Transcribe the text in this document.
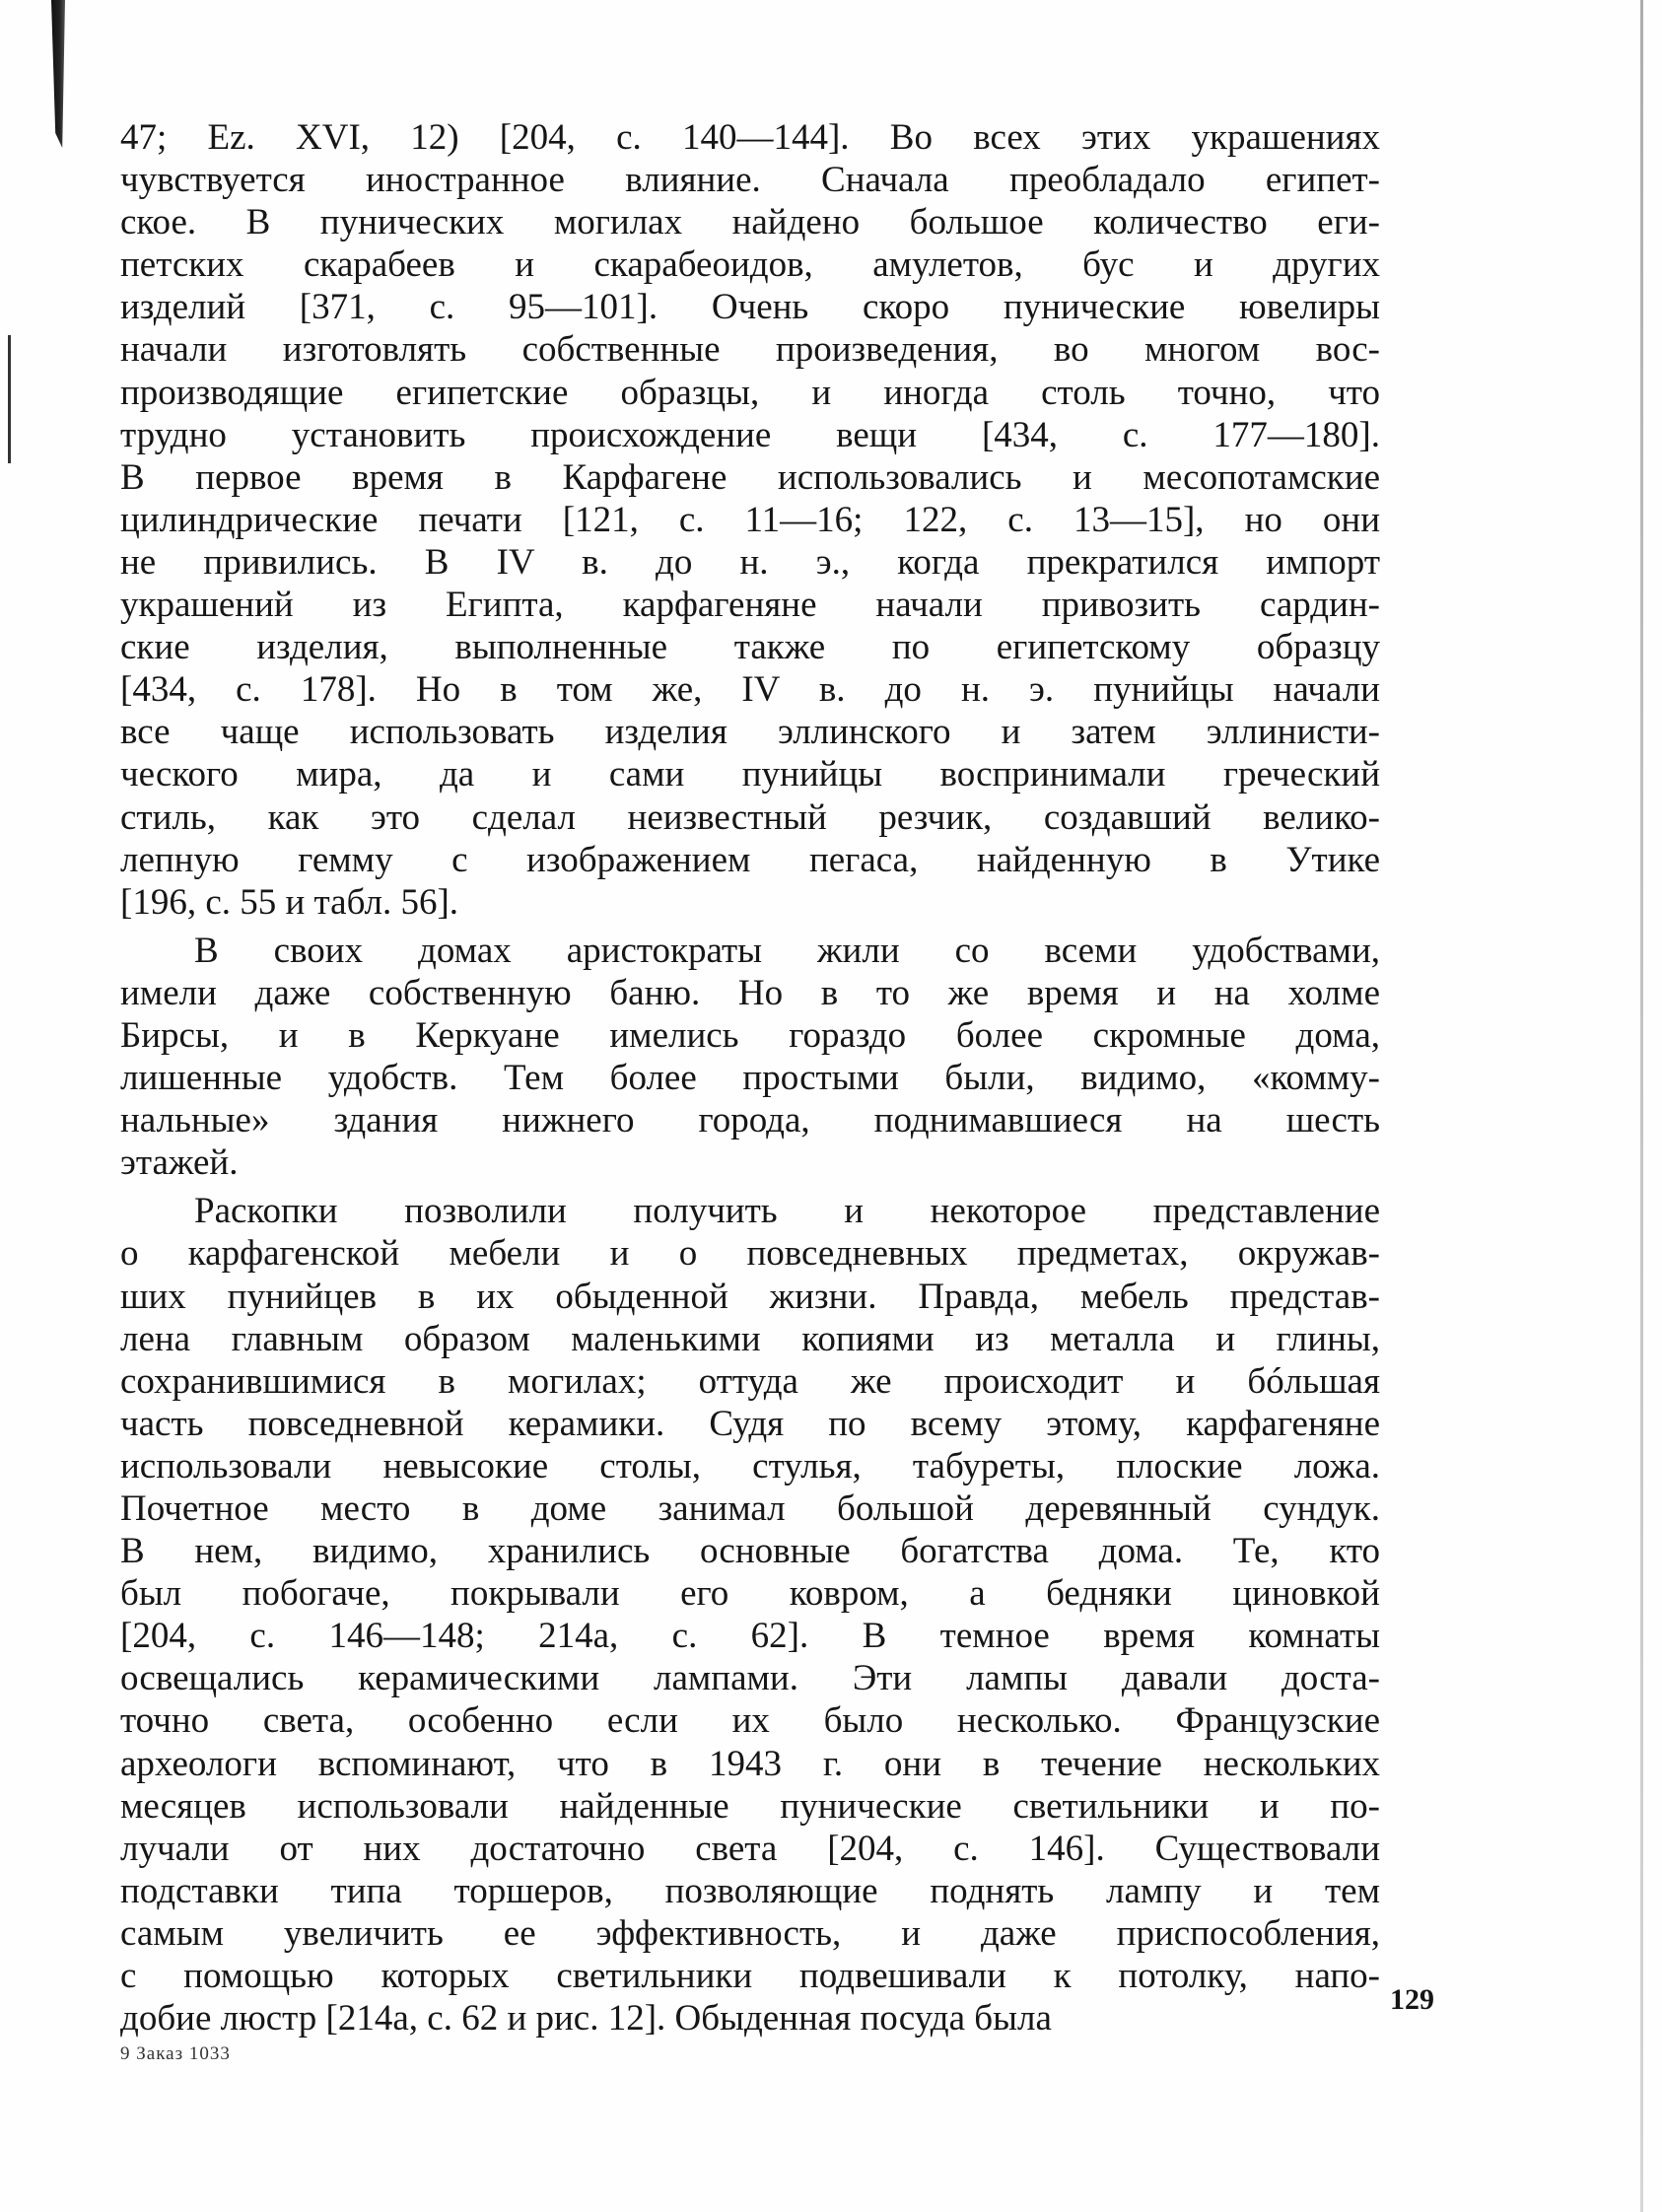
47; Ez. XVI, 12) [204, с. 140—144]. Во всех этих украшениях
чувствуется иностранное влияние. Сначала преобладало египет-
ское. В пунических могилах найдено большое количество еги-
петских скарабеев и скарабеоидов, амулетов, бус и других
изделий [371, с. 95—101]. Очень скоро пунические ювелиры
начали изготовлять собственные произведения, во многом вос-
производящие египетские образцы, и иногда столь точно, что
трудно установить происхождение вещи [434, с. 177—180].
В первое время в Карфагене использовались и месопотамские
цилиндрические печати [121, с. 11—16; 122, с. 13—15], но они
не привились. В IV в. до н. э., когда прекратился импорт
украшений из Египта, карфагеняне начали привозить сардин-
ские изделия, выполненные также по египетскому образцу
[434, с. 178]. Но в том же, IV в. до н. э. пунийцы начали
все чаще использовать изделия эллинского и затем эллинисти-
ческого мира, да и сами пунийцы воспринимали греческий
стиль, как это сделал неизвестный резчик, создавший велико-
лепную гемму с изображением пегаса, найденную в Утике
[196, с. 55 и табл. 56].
В своих домах аристократы жили со всеми удобствами,
имели даже собственную баню. Но в то же время и на холме
Бирсы, и в Керкуане имелись гораздо более скромные дома,
лишенные удобств. Тем более простыми были, видимо, «комму-
нальные» здания нижнего города, поднимавшиеся на шесть
этажей.
Раскопки позволили получить и некоторое представление
о карфагенской мебели и о повседневных предметах, окружав-
ших пунийцев в их обыденной жизни. Правда, мебель представ-
лена главным образом маленькими копиями из металла и глины,
сохранившимися в могилах; оттуда же происходит и бóльшая
часть повседневной керамики. Судя по всему этому, карфагеняне
использовали невысокие столы, стулья, табуреты, плоские ложа.
Почетное место в доме занимал большой деревянный сундук.
В нем, видимо, хранились основные богатства дома. Те, кто
был побогаче, покрывали его ковром, а бедняки циновкой
[204, с. 146—148; 214а, с. 62]. В темное время комнаты
освещались керамическими лампами. Эти лампы давали доста-
точно света, особенно если их было несколько. Французские
археологи вспоминают, что в 1943 г. они в течение нескольких
месяцев использовали найденные пунические светильники и по-
лучали от них достаточно света [204, с. 146]. Существовали
подставки типа торшеров, позволяющие поднять лампу и тем
самым увеличить ее эффективность, и даже приспособления,
с помощью которых светильники подвешивали к потолку, напо-
добие люстр [214а, с. 62 и рис. 12]. Обыденная посуда была	129
9 Заказ 1033
